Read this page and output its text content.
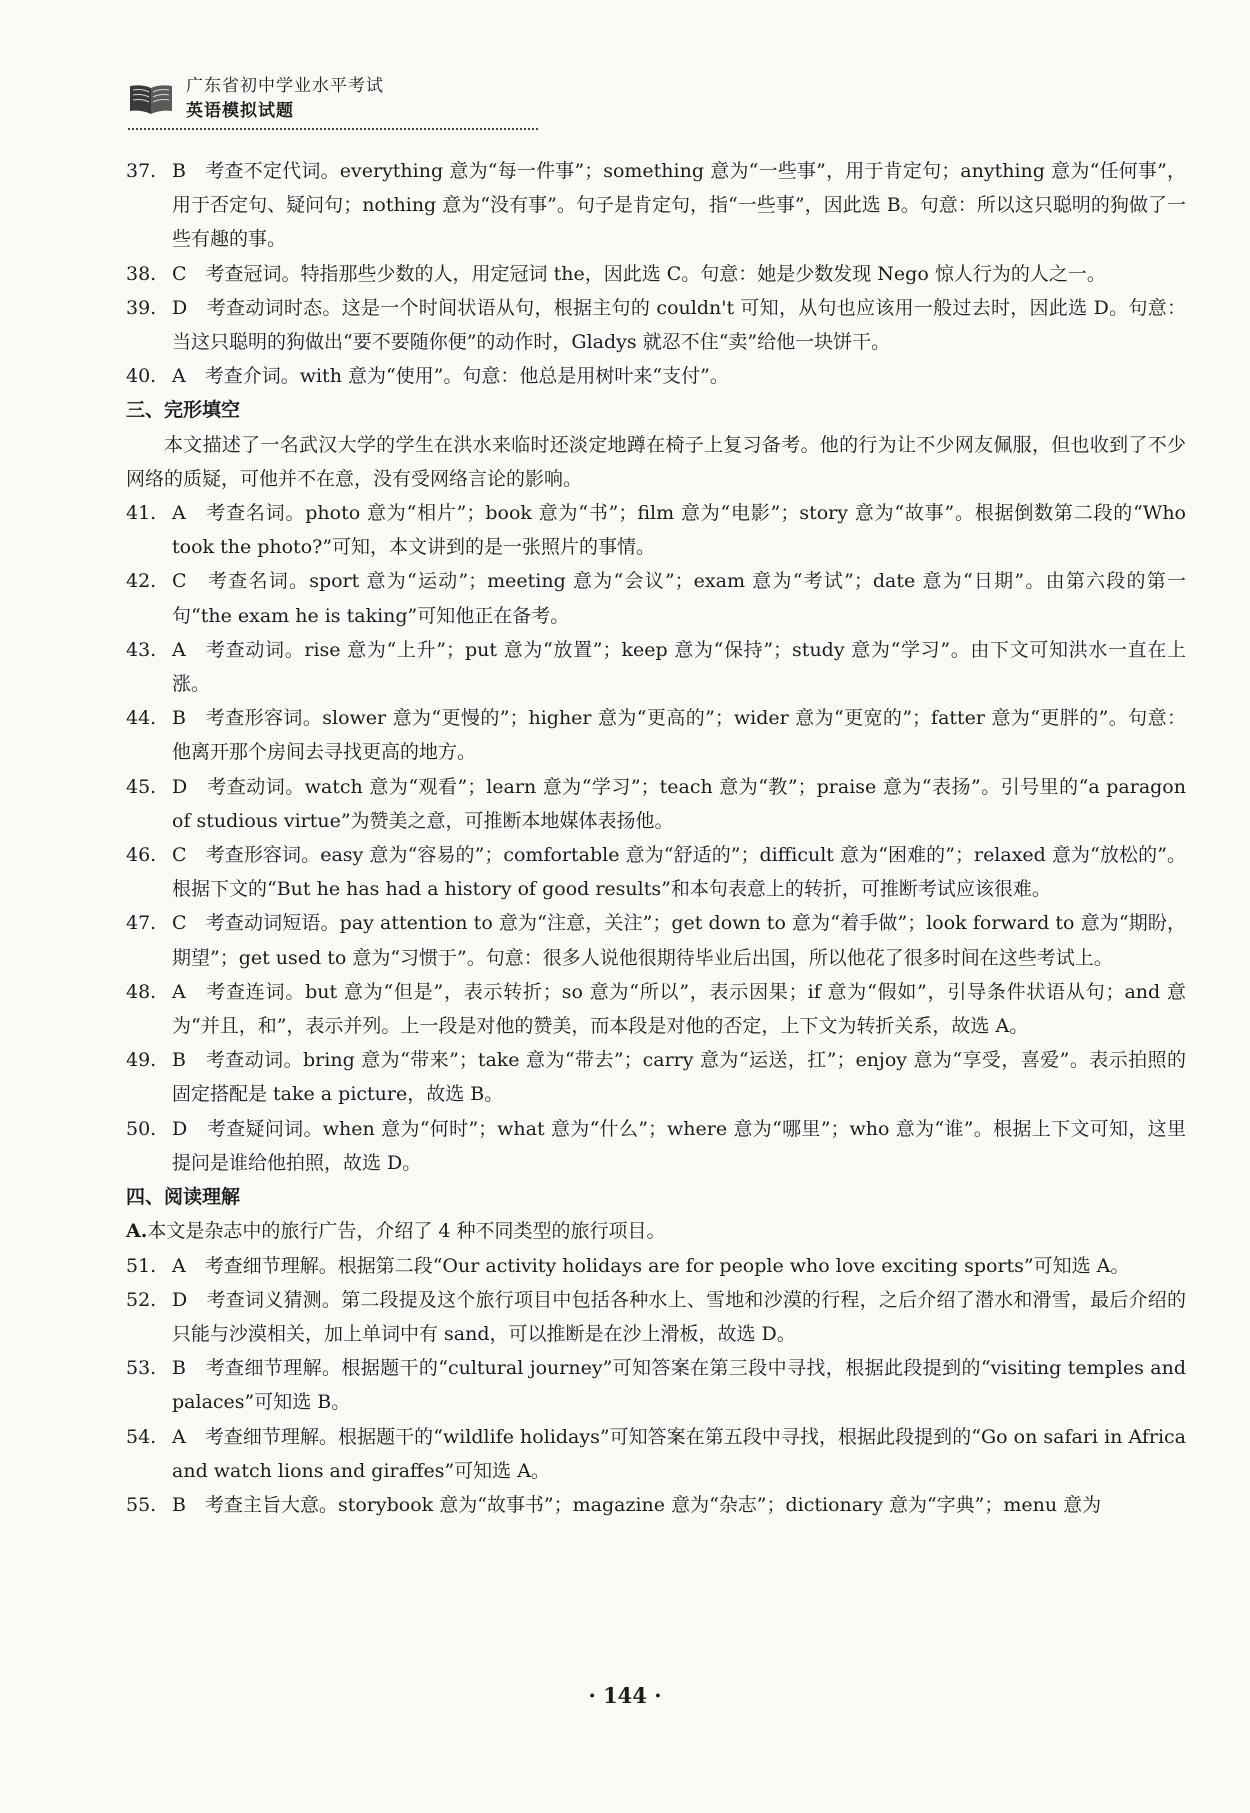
广东省初中学业水平考试
英语模拟试题
37. B　考查不定代词。everything 意为“每一件事”；something 意为“一些事”，用于肯定句；anything 意为“任何事”，用于否定句、疑问句；nothing 意为“没有事”。句子是肯定句，指“一些事”，因此选 B。句意：所以这只聪明的狗做了一些有趣的事。
38. C　考查冠词。特指那些少数的人，用定冠词 the，因此选 C。句意：她是少数发现 Nego 惊人行为的人之一。
39. D　考查动词时态。这是一个时间状语从句，根据主句的 couldn't 可知，从句也应该用一般过去时，因此选 D。句意：当这只聪明的狗做出“要不要随你便”的动作时，Gladys 就忍不住“卖”给他一块饼干。
40. A　考查介词。with 意为“使用”。句意：他总是用树叶来“支付”。
三、完形填空
本文描述了一名武汉大学的学生在洪水来临时还淡定地蹲在椅子上复习备考。他的行为让不少网友佩服，但也收到了不少网络的质疑，可他并不在意，没有受网络言论的影响。
41. A　考查名词。photo 意为“相片”；book 意为“书”；film 意为“电影”；story 意为“故事”。根据倒数第二段的“Who took the photo?”可知，本文讲到的是一张照片的事情。
42. C　考查名词。sport 意为“运动”；meeting 意为“会议”；exam 意为“考试”；date 意为“日期”。由第六段的第一句“the exam he is taking”可知他正在备考。
43. A　考查动词。rise 意为“上升”；put 意为“放置”；keep 意为“保持”；study 意为“学习”。由下文可知洪水一直在上涨。
44. B　考查形容词。slower 意为“更慢的”；higher 意为“更高的”；wider 意为“更宽的”；fatter 意为“更胖的”。句意：他离开那个房间去寻找更高的地方。
45. D　考查动词。watch 意为“观看”；learn 意为“学习”；teach 意为“教”；praise 意为“表扬”。引号里的“a paragon of studious virtue”为赞美之意，可推断本地媒体表扬他。
46. C　考查形容词。easy 意为“容易的”；comfortable 意为“舒适的”；difficult 意为“困难的”；relaxed 意为“放松的”。根据下文的“But he has had a history of good results”和本句表意上的转折，可推断考试应该很难。
47. C　考查动词短语。pay attention to 意为“注意，关注”；get down to 意为“着手做”；look forward to 意为“期盼，期望”；get used to 意为“习惯于”。句意：很多人说他很期待毕业后出国，所以他花了很多时间在这些考试上。
48. A　考查连词。but 意为“但是”，表示转折；so 意为“所以”，表示因果；if 意为“假如”，引导条件状语从句；and 意为“并且，和”，表示并列。上一段是对他的赞美，而本段是对他的否定，上下文为转折关系，故选 A。
49. B　考查动词。bring 意为“带来”；take 意为“带去”；carry 意为“运送，扛”；enjoy 意为“享受，喜爱”。表示拍照的固定搭配是 take a picture，故选 B。
50. D　考查疑问词。when 意为“何时”；what 意为“什么”；where 意为“哪里”；who 意为“谁”。根据上下文可知，这里提问是谁给他拍照，故选 D。
四、阅读理解
A.本文是杂志中的旅行广告，介绍了 4 种不同类型的旅行项目。
51. A　考查细节理解。根据第二段“Our activity holidays are for people who love exciting sports”可知选 A。
52. D　考查词义猜测。第二段提及这个旅行项目中包括各种水上、雪地和沙漠的行程，之后介绍了潜水和滑雪，最后介绍的只能与沙漠相关，加上单词中有 sand，可以推断是在沙上滑板，故选 D。
53. B　考查细节理解。根据题干的“cultural journey”可知答案在第三段中寻找，根据此段提到的“visiting temples and palaces”可知选 B。
54. A　考查细节理解。根据题干的“wildlife holidays”可知答案在第五段中寻找，根据此段提到的“Go on safari in Africa and watch lions and giraffes”可知选 A。
55. B　考查主旨大意。storybook 意为“故事书”；magazine 意为“杂志”；dictionary 意为“字典”；menu 意为
· 144 ·
